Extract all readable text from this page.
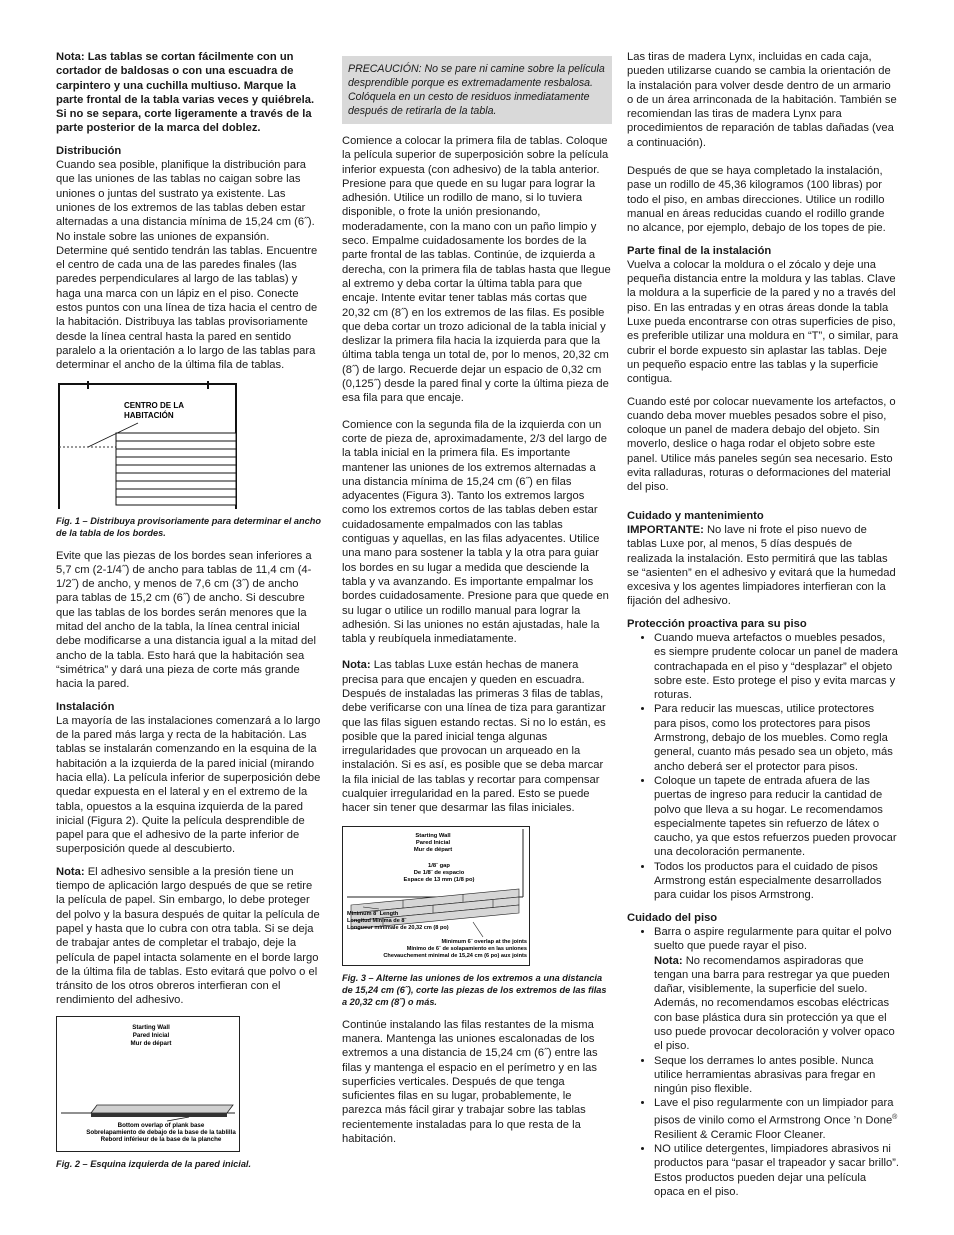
Nota: Las tablas se cortan fácilmente con un cortador de baldosas o con una escuadra de carpintero y una cuchilla multiuso. Marque la parte frontal de la tabla varias veces y quiébrela. Si no se separa, corte ligeramente a través de la parte posterior de la marca del doblez.

Distribución

Cuando sea posible, planifique la distribución para que las uniones de las tablas no caigan sobre las uniones o juntas del sustrato ya existente. Las uniones de los extremos de las tablas deben estar alternadas a una distancia mínima de 15,24 cm (6˝). No instale sobre las uniones de expansión. Determine qué sentido tendrán las tablas. Encuentre el centro de cada una de las paredes finales (las paredes perpendiculares al largo de las tablas) y haga una marca con un lápiz en el piso. Conecte estos puntos con una línea de tiza hacia el centro de la habitación. Distribuya las tablas provisoriamente desde la línea central hasta la pared en sentido paralelo a la orientación a lo largo de las tablas para determinar el ancho de la última fila de tablas.

CENTRO DE LA
HABITACIÓN

Fig. 1 – Distribuya provisoriamente para determinar el ancho de la tabla de los bordes.

Evite que las piezas de los bordes sean inferiores a 5,7 cm (2-1/4˝) de ancho para tablas de 11,4 cm (4-1/2˝) de ancho, y menos de 7,6 cm (3˝) de ancho para tablas de 15,2 cm (6˝) de ancho. Si descubre que las tablas de los bordes serán menores que la mitad del ancho de la tabla, la línea central inicial debe modificarse a una distancia igual a la mitad del ancho de la tabla. Esto hará que la habitación sea “simétrica” y dará una pieza de corte más grande hacia la pared.

Instalación

La mayoría de las instalaciones comenzará a lo largo de la pared más larga y recta de la habitación. Las tablas se instalarán comenzando en la esquina de la habitación a la izquierda de la pared inicial (mirando hacia ella). La película inferior de superposición debe quedar expuesta en el lateral y en el extremo de la tabla, opuestos a la esquina izquierda de la pared inicial (Figura 2). Quite la película desprendible de papel para que el adhesivo de la parte inferior de superposición quede al descubierto.

Nota: El adhesivo sensible a la presión tiene un tiempo de aplicación largo después de que se retire la película de papel. Sin embargo, lo debe proteger del polvo y la basura después de quitar la película de papel y hasta que lo cubra con otra tabla. Si se deja de trabajar antes de completar el trabajo, deje la película de papel intacta solamente en el borde largo de la última fila de tablas. Esto evitará que polvo o el tránsito de los otros obreros interfieran con el rendimiento del adhesivo.

Starting Wall
Pared Inicial
Mur de départ
Bottom overlap of plank base
Sobrelapamiento de debajo de la base de la tablilla
Rebord inférieur de la base de la planche

Fig. 2 – Esquina izquierda de la pared inicial.

PRECAUCIÓN: No se pare ni camine sobre la película desprendible porque es extremadamente resbalosa. Colóquela en un cesto de residuos inmediatamente después de retirarla de la tabla.

Comience a colocar la primera fila de tablas. Coloque la película superior de superposición sobre la película inferior expuesta (con adhesivo) de la tabla anterior. Presione para que quede en su lugar para lograr la adhesión. Utilice un rodillo de mano, si lo tuviera disponible, o frote la unión presionando, moderadamente, con la mano con un paño limpio y seco. Empalme cuidadosamente los bordes de la parte frontal de las tablas. Continúe, de izquierda a derecha, con la primera fila de tablas hasta que llegue al extremo y deba cortar la última tabla para que encaje. Intente evitar tener tablas más cortas que 20,32 cm (8˝) en los extremos de las filas. Es posible que deba cortar un trozo adicional de la tabla inicial y deslizar la primera fila hacia la izquierda para que la última tabla tenga un total de, por lo menos, 20,32 cm (8˝) de largo. Recuerde dejar un espacio de 0,32 cm (0,125˝) desde la pared final y corte la última pieza de esa fila para que encaje.

Comience con la segunda fila de la izquierda con un corte de pieza de, aproximadamente, 2/3 del largo de la tabla inicial en la primera fila. Es importante mantener las uniones de los extremos alternadas a una distancia mínima de 15,24 cm (6˝) en filas adyacentes (Figura 3). Tanto los extremos largos como los extremos cortos de las tablas deben estar cuidadosamente empalmados con las tablas contiguas y aquellas, en las filas adyacentes. Utilice una mano para sostener la tabla y la otra para guiar los bordes en su lugar a medida que desciende la tabla y va avanzando. Es importante empalmar los bordes cuidadosamente. Presione para que quede en su lugar o utilice un rodillo manual para lograr la adhesión. Si las uniones no están ajustadas, hale la tabla y reubíquela inmediatamente.

Nota: Las tablas Luxe están hechas de manera precisa para que encajen y queden en escuadra. Después de instaladas las primeras 3 filas de tablas, debe verificarse con una línea de tiza para garantizar que las filas siguen estando rectas. Si no lo están, es posible que la pared inicial tenga algunas irregularidades que provocan un arqueado en la instalación. Si es así, es posible que se deba marcar la fila inicial de las tablas y recortar para compensar cualquier irregularidad en la pared. Esto se puede hacer sin tener que desarmar las filas iniciales.

Starting Wall
Pared Inicial
Mur de départ
1/8˝ gap
De 1/8˝ de espacio
Espace de 13 mm (1/8 po)
Minimum 8˝ Length
Longitud Mínima de 8˝
Longueur minimale de 20,32 cm (8 po)
Minimum 6˝ overlap at the joints
Mínimo de 6˝ de solapamiento en las uniones
Chevauchement minimal de 15,24 cm (6 po) aux joints

Fig. 3 – Alterne las uniones de los extremos a una distancia de 15,24 cm (6˝), corte las piezas de los extremos de las filas a 20,32 cm (8˝) o más.

Continúe instalando las filas restantes de la misma manera. Mantenga las uniones escalonadas de los extremos a una distancia de 15,24 cm (6˝) entre las filas y mantenga el espacio en el perímetro y en las superficies verticales. Después de que tenga suficientes filas en su lugar, probablemente, le parezca más fácil girar y trabajar sobre las tablas recientemente instaladas para lo que resta de la habitación.

Las tiras de madera Lynx, incluidas en cada caja, pueden utilizarse cuando se cambia la orientación de la instalación para volver desde dentro de un armario o de un área arrinconada de la habitación. También se recomiendan las tiras de madera Lynx para procedimientos de reparación de tablas dañadas (vea a continuación).

Después de que se haya completado la instalación, pase un rodillo de 45,36 kilogramos (100 libras) por todo el piso, en ambas direcciones. Utilice un rodillo manual en áreas reducidas cuando el rodillo grande no alcance, por ejemplo, debajo de los topes de pie.

Parte final de la instalación

Vuelva a colocar la moldura o el zócalo y deje una pequeña distancia entre la moldura y las tablas. Clave la moldura a la superficie de la pared y no a través del piso. En las entradas y en otras áreas donde la tabla Luxe pueda encontrarse con otras superficies de piso, es preferible utilizar una moldura en “T”, o similar, para cubrir el borde expuesto sin aplastar las tablas. Deje un pequeño espacio entre las tablas y la superficie contigua.

Cuando esté por colocar nuevamente los artefactos, o cuando deba mover muebles pesados sobre el piso, coloque un panel de madera debajo del objeto. Sin moverlo, deslice o haga rodar el objeto sobre este panel. Utilice más paneles según sea necesario. Esto evita ralladuras, roturas o deformaciones del material del piso.

Cuidado y mantenimiento

IMPORTANTE: No lave ni frote el piso nuevo de tablas Luxe por, al menos, 5 días después de realizada la instalación. Esto permitirá que las tablas se “asienten” en el adhesivo y evitará que la humedad excesiva y los agentes limpiadores interfieran con la fijación del adhesivo.

Protección proactiva para su piso

• Cuando mueva artefactos o muebles pesados, es siempre prudente colocar un panel de madera contrachapada en el piso y “desplazar” el objeto sobre este. Esto protege el piso y evita marcas y roturas.
• Para reducir las muescas, utilice protectores para pisos, como los protectores para pisos Armstrong, debajo de los muebles. Como regla general, cuanto más pesado sea un objeto, más ancho deberá ser el protector para pisos.
• Coloque un tapete de entrada afuera de las puertas de ingreso para reducir la cantidad de polvo que lleva a su hogar. Le recomendamos especialmente tapetes sin refuerzo de látex o caucho, ya que estos refuerzos pueden provocar una decoloración permanente.
• Todos los productos para el cuidado de pisos Armstrong están especialmente desarrollados para cuidar los pisos Armstrong.

Cuidado del piso

• Barra o aspire regularmente para quitar el polvo suelto que puede rayar el piso.
Nota: No recomendamos aspiradoras que tengan una barra para restregar ya que pueden dañar, visiblemente, la superficie del suelo. Además, no recomendamos escobas eléctricas con base plástica dura sin protección ya que el uso puede provocar decoloración y volver opaco el piso.
• Seque los derrames lo antes posible. Nunca utilice herramientas abrasivas para fregar en ningún piso flexible.
• Lave el piso regularmente con un limpiador para pisos de vinilo como el Armstrong Once ’n Done® Resilient & Ceramic Floor Cleaner.
• NO utilice detergentes, limpiadores abrasivos ni productos para “pasar el trapeador y sacar brillo”. Estos productos pueden dejar una película opaca en el piso.
